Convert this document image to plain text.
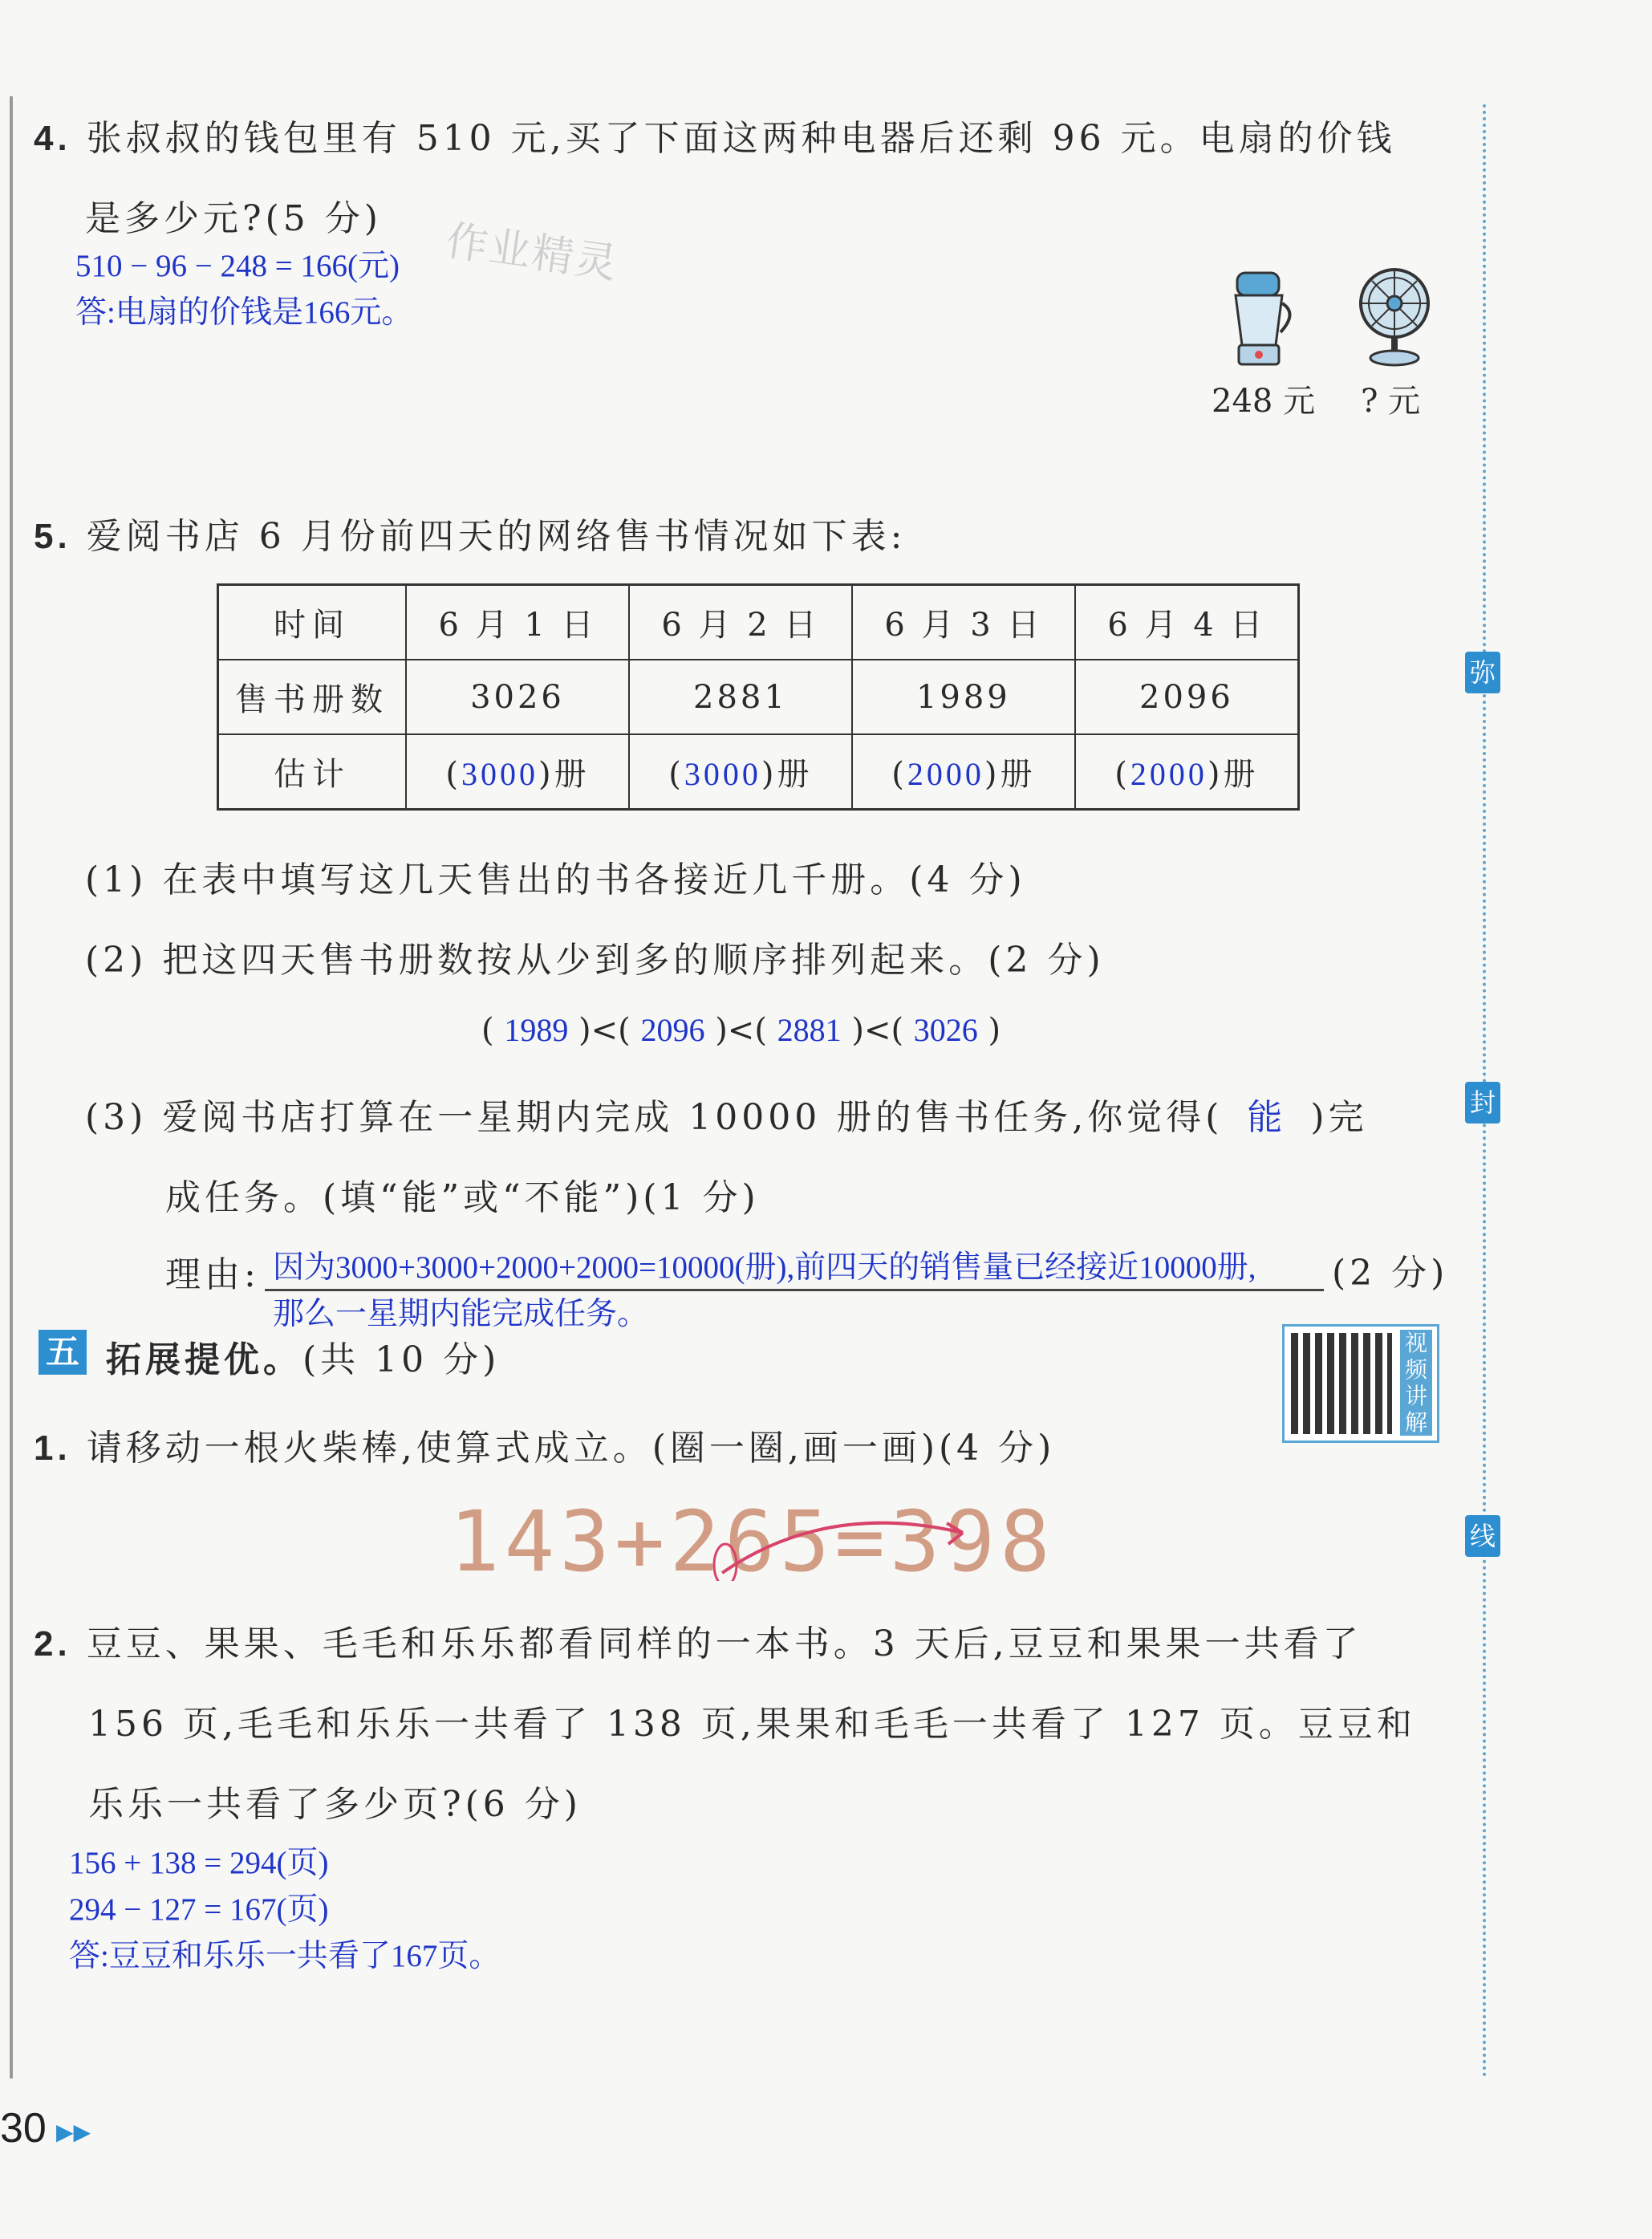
弥
封
线
4. 张叔叔的钱包里有 510 元,买了下面这两种电器后还剩 96 元。电扇的价钱
是多少元?(5 分)
510 − 96 − 248 = 166(元)
答:电扇的价钱是166元。
作业精灵
248 元 ? 元
5. 爱阅书店 6 月份前四天的网络售书情况如下表:
时间	6 月 1 日	6 月 2 日	6 月 3 日	6 月 4 日
售书册数	3026	2881	1989	2096
估计	(3000)册	(3000)册	(2000)册	(2000)册
(1) 在表中填写这几天售出的书各接近几千册。(4 分)
(2) 把这四天售书册数按从少到多的顺序排列起来。(2 分)
( 1989 )<( 2096 )<( 2881 )<( 3026 )
(3) 爱阅书店打算在一星期内完成 10000 册的售书任务,你觉得( 能 )完
成任务。(填“能”或“不能”)(1 分)
理由: 因为3000+3000+2000+2000=10000(册),前四天的销售量已经接近10000册, (2 分)
那么一星期内能完成任务。
五 拓展提优。(共 10 分)	视频讲解
1. 请移动一根火柴棒,使算式成立。(圈一圈,画一画)(4 分)
143+265=398
2. 豆豆、果果、毛毛和乐乐都看同样的一本书。3 天后,豆豆和果果一共看了
156 页,毛毛和乐乐一共看了 138 页,果果和毛毛一共看了 127 页。豆豆和
乐乐一共看了多少页?(6 分)
156 + 138 = 294(页)
294 − 127 = 167(页)
答:豆豆和乐乐一共看了167页。
30 ▶▶
